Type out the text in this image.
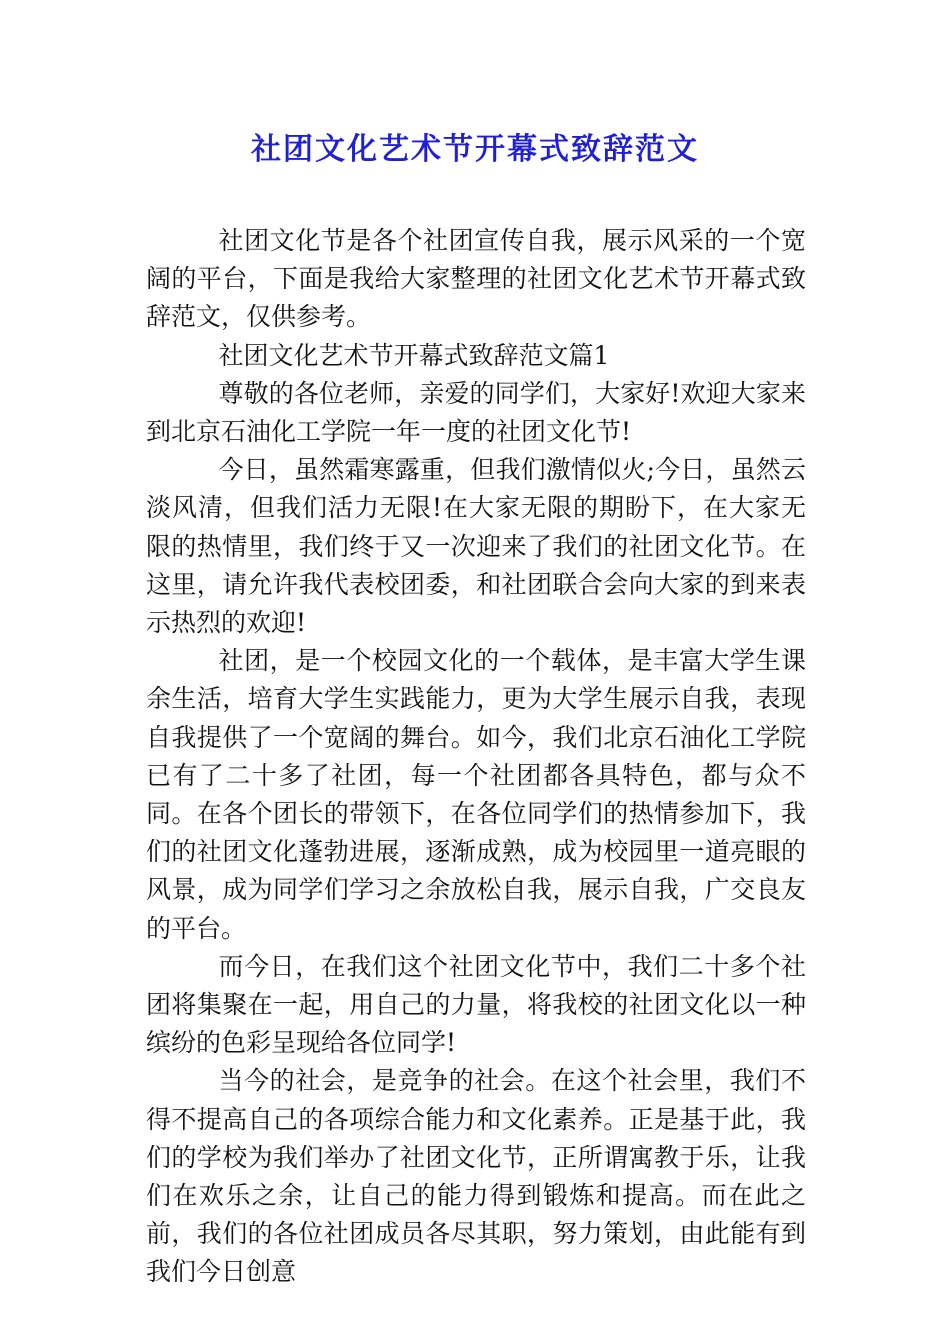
社团文化艺术节开幕式致辞范文

社团文化节是各个社团宣传自我，展示风采的一个宽阔的平台，下面是我给大家整理的社团文化艺术节开幕式致辞范文，仅供参考。

社团文化艺术节开幕式致辞范文篇1

尊敬的各位老师，亲爱的同学们，大家好!欢迎大家来到北京石油化工学院一年一度的社团文化节!

今日，虽然霜寒露重，但我们激情似火;今日，虽然云淡风清，但我们活力无限!在大家无限的期盼下，在大家无限的热情里，我们终于又一次迎来了我们的社团文化节。在这里，请允许我代表校团委，和社团联合会向大家的到来表示热烈的欢迎!

社团，是一个校园文化的一个载体，是丰富大学生课余生活，培育大学生实践能力，更为大学生展示自我，表现自我提供了一个宽阔的舞台。如今，我们北京石油化工学院已有了二十多了社团，每一个社团都各具特色，都与众不同。在各个团长的带领下，在各位同学们的热情参加下，我们的社团文化蓬勃进展，逐渐成熟，成为校园里一道亮眼的风景，成为同学们学习之余放松自我，展示自我，广交良友的平台。

而今日，在我们这个社团文化节中，我们二十多个社团将集聚在一起，用自己的力量，将我校的社团文化以一种缤纷的色彩呈现给各位同学!

当今的社会，是竞争的社会。在这个社会里，我们不得不提高自己的各项综合能力和文化素养。正是基于此，我们的学校为我们举办了社团文化节，正所谓寓教于乐，让我们在欢乐之余，让自己的能力得到锻炼和提高。而在此之前，我们的各位社团成员各尽其职，努力策划，由此能有到我们今日创意
